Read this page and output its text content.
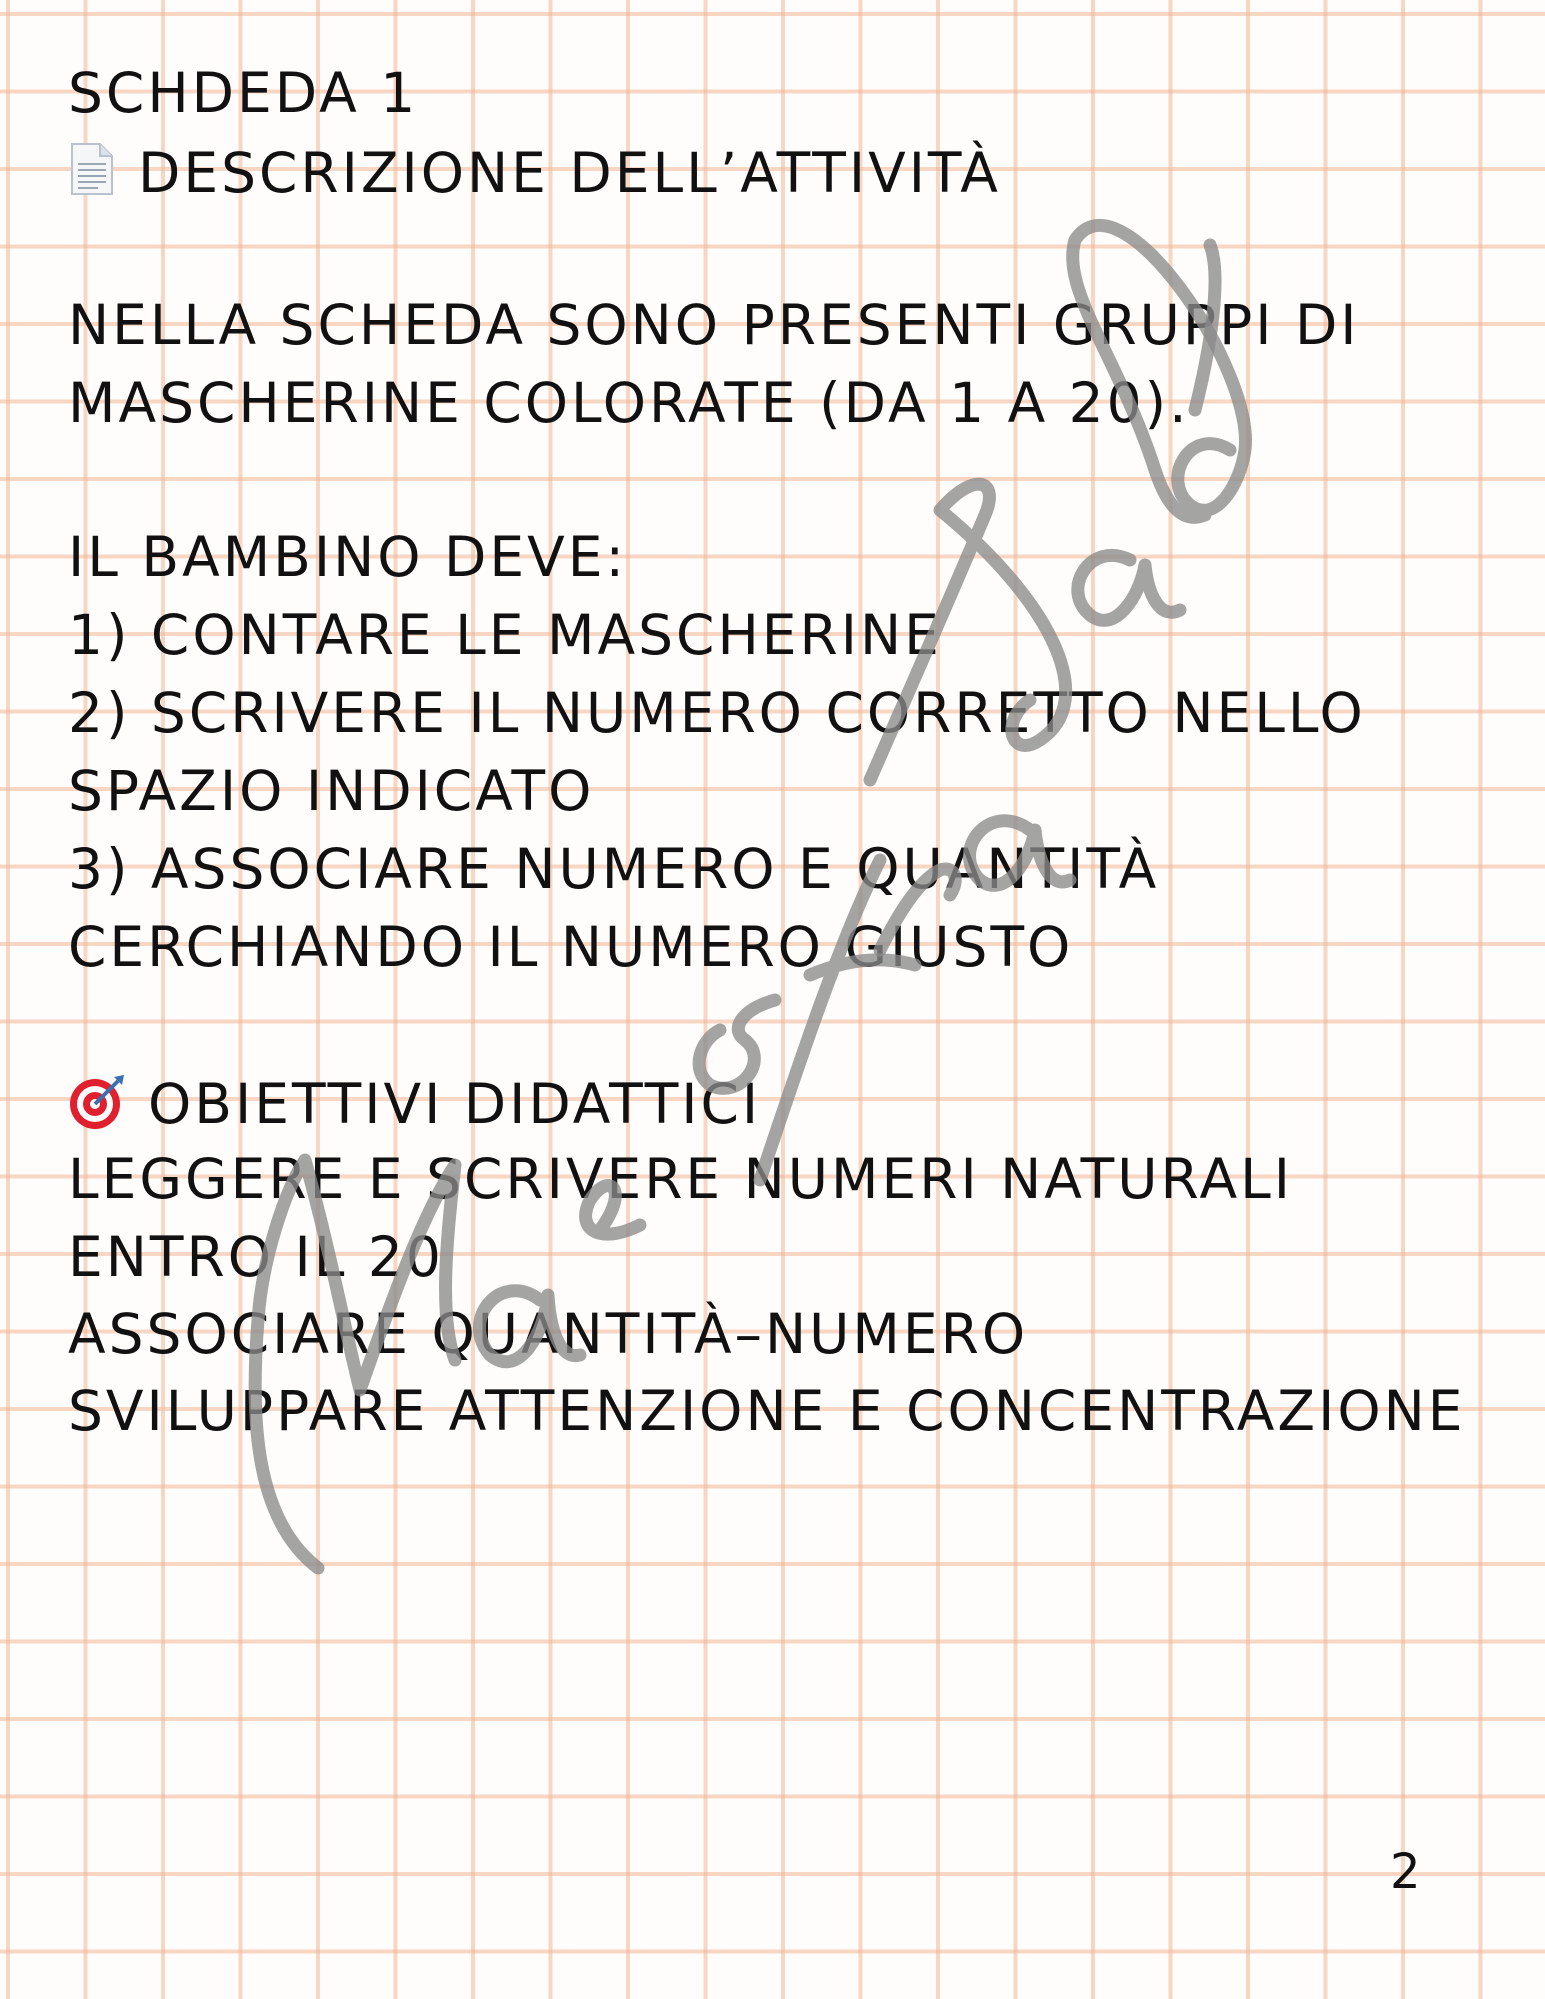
SCHDEDA 1
DESCRIZIONE DELL’ATTIVITÀ
NELLA SCHEDA SONO PRESENTI GRUPPI DI
MASCHERINE COLORATE (DA 1 A 20).
IL BAMBINO DEVE:
1) CONTARE LE MASCHERINE
2) SCRIVERE IL NUMERO CORRETTO NELLO
SPAZIO INDICATO
3) ASSOCIARE NUMERO E QUANTITÀ
CERCHIANDO IL NUMERO GIUSTO
OBIETTIVI DIDATTICI
LEGGERE E SCRIVERE NUMERI NATURALI
ENTRO IL 20
ASSOCIARE QUANTITÀ–NUMERO
SVILUPPARE ATTENZIONE E CONCENTRAZIONE
2
